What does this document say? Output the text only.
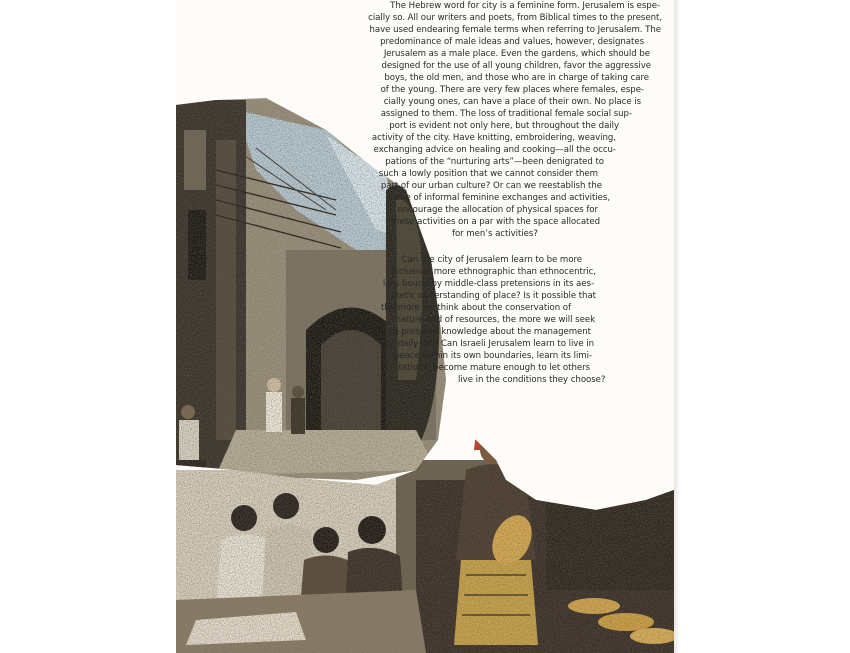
The Hebrew word for city is a feminine form. Jerusalem is espe-
cially so. All our writers and poets, from Biblical times to the present,
have used endearing female terms when referring to Jerusalem. The
predominance of male ideas and values, however, designates
Jerusalem as a male place. Even the gardens, which should be
designed for the use of all young children, favor the aggressive
boys, the old men, and those who are in charge of taking care
of the young. There are very few places where females, espe-
cially young ones, can have a place of their own. No place is
assigned to them. The loss of traditional female social sup-
port is evident not only here, but throughout the daily
activity of the city. Have knitting, embroidering, weaving,
exchanging advice on healing and cooking—all the occu-
pations of the “nurturing arts”—been denigrated to
such a lowly position that we cannot consider them
part of our urban culture? Or can we reestablish the
value of informal feminine exchanges and activities,
encourage the allocation of physical spaces for
these activities on a par with the space allocated
for men’s activities?
Can the city of Jerusalem learn to be more
inclusive, more ethnographic than ethnocentric,
less bound by middle-class pretensions in its aes-
thetic understanding of place? Is it possible that
the more we think about the conservation of
nature and of resources, the more we will seek
to preserve knowledge about the management
of daily life? Can Israeli Jerusalem learn to live in
peace within its own boundaries, learn its limi-
tations, become mature enough to let others
live in the conditions they choose?
